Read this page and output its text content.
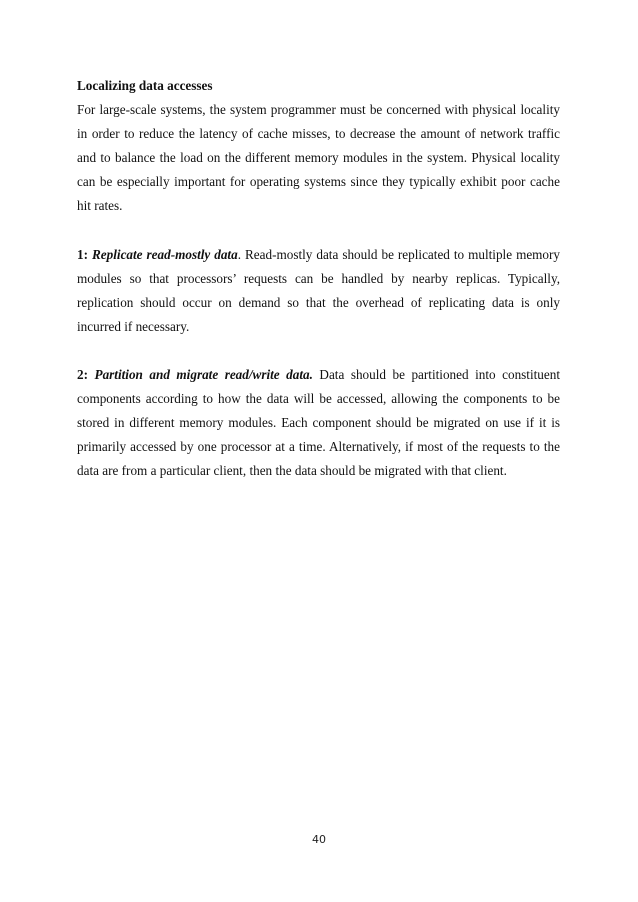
Localizing data accesses

For large-scale systems, the system programmer must be concerned with physical locality in order to reduce the latency of cache misses, to decrease the amount of network traffic and to balance the load on the different memory modules in the system. Physical locality can be especially important for operating systems since they typically exhibit poor cache hit rates.

1: Replicate read-mostly data. Read-mostly data should be replicated to multiple memory modules so that processors’ requests can be handled by nearby replicas. Typically, replication should occur on demand so that the overhead of replicating data is only incurred if necessary.

2: Partition and migrate read/write data. Data should be partitioned into constituent components according to how the data will be accessed, allowing the components to be stored in different memory modules. Each component should be migrated on use if it is primarily accessed by one processor at a time. Alternatively, if most of the requests to the data are from a particular client, then the data should be migrated with that client.

40
